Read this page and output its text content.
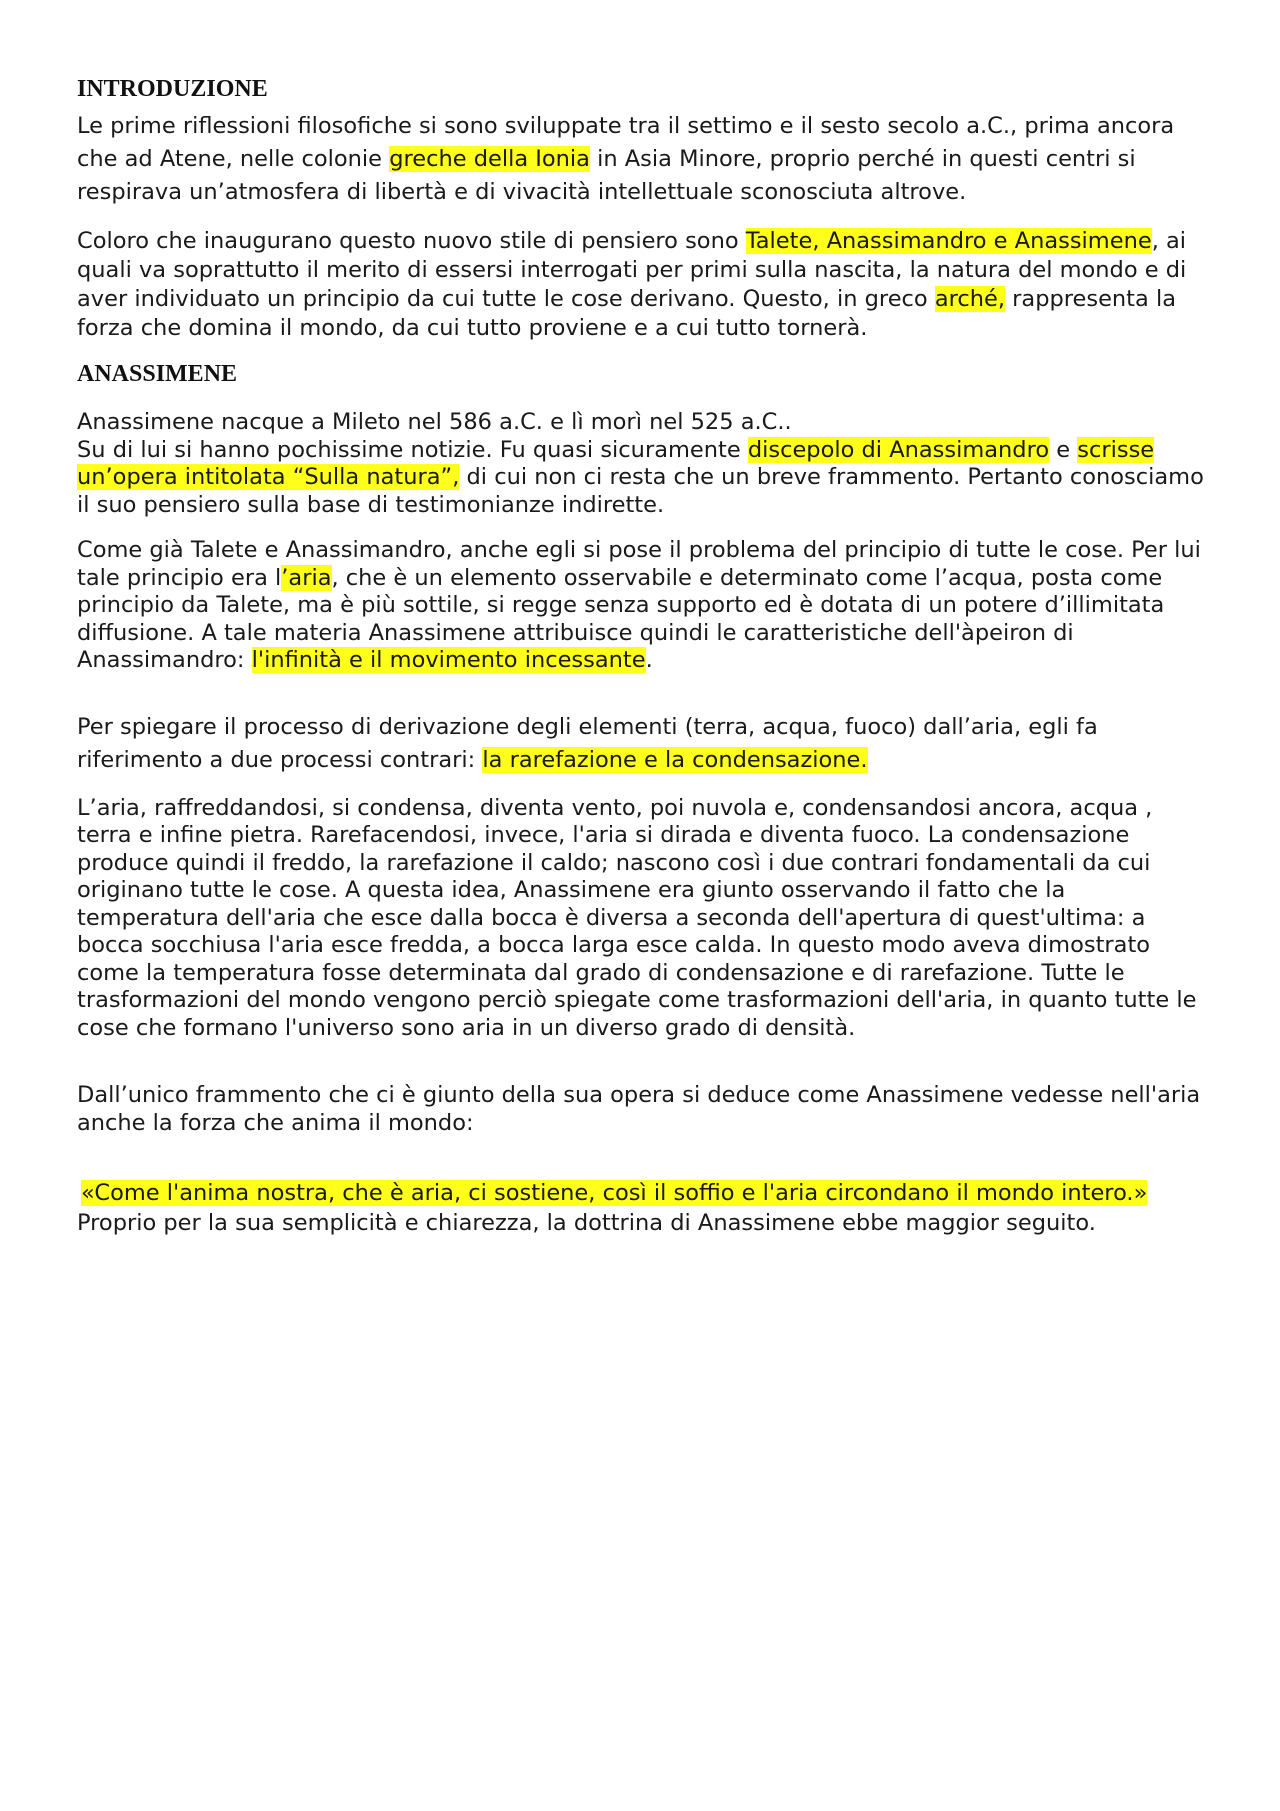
INTRODUZIONE

Le prime riflessioni filosofiche si sono sviluppate tra il settimo e il sesto secolo a.C., prima ancora che ad Atene, nelle colonie greche della Ionia in Asia Minore, proprio perché in questi centri si respirava un’atmosfera di libertà e di vivacità intellettuale sconosciuta altrove.

Coloro che inaugurano questo nuovo stile di pensiero sono Talete, Anassimandro e Anassimene, ai quali va soprattutto il merito di essersi interrogati per primi sulla nascita, la natura del mondo e di aver individuato un principio da cui tutte le cose derivano. Questo, in greco arché, rappresenta la forza che domina il mondo, da cui tutto proviene e a cui tutto tornerà.

ANASSIMENE

Anassimene nacque a Mileto nel 586 a.C. e lì morì nel 525 a.C..
Su di lui si hanno pochissime notizie. Fu quasi sicuramente discepolo di Anassimandro e scrisse un’opera intitolata “Sulla natura”, di cui non ci resta che un breve frammento. Pertanto conosciamo il suo pensiero sulla base di testimonianze indirette.

Come già Talete e Anassimandro, anche egli si pose il problema del principio di tutte le cose. Per lui tale principio era l’aria, che è un elemento osservabile e determinato come l’acqua, posta come principio da Talete, ma è più sottile, si regge senza supporto ed è dotata di un potere d’illimitata diffusione. A tale materia Anassimene attribuisce quindi le caratteristiche dell'àpeiron di Anassimandro: l'infinità e il movimento incessante.

Per spiegare il processo di derivazione degli elementi (terra, acqua, fuoco) dall’aria, egli fa riferimento a due processi contrari: la rarefazione e la condensazione.

L’aria, raffreddandosi, si condensa, diventa vento, poi nuvola e, condensandosi ancora, acqua , terra e infine pietra. Rarefacendosi, invece, l'aria si dirada e diventa fuoco. La condensazione produce quindi il freddo, la rarefazione il caldo; nascono così i due contrari fondamentali da cui originano tutte le cose. A questa idea, Anassimene era giunto osservando il fatto che la temperatura dell'aria che esce dalla bocca è diversa a seconda dell'apertura di quest'ultima: a bocca socchiusa l'aria esce fredda, a bocca larga esce calda. In questo modo aveva dimostrato come la temperatura fosse determinata dal grado di condensazione e di rarefazione. Tutte le trasformazioni del mondo vengono perciò spiegate come trasformazioni dell'aria, in quanto tutte le cose che formano l'universo sono aria in un diverso grado di densità.

Dall’unico frammento che ci è giunto della sua opera si deduce come Anassimene vedesse nell'aria anche la forza che anima il mondo:

«Come l'anima nostra, che è aria, ci sostiene, così il soffio e l'aria circondano il mondo intero.»

Proprio per la sua semplicità e chiarezza, la dottrina di Anassimene ebbe maggior seguito.
